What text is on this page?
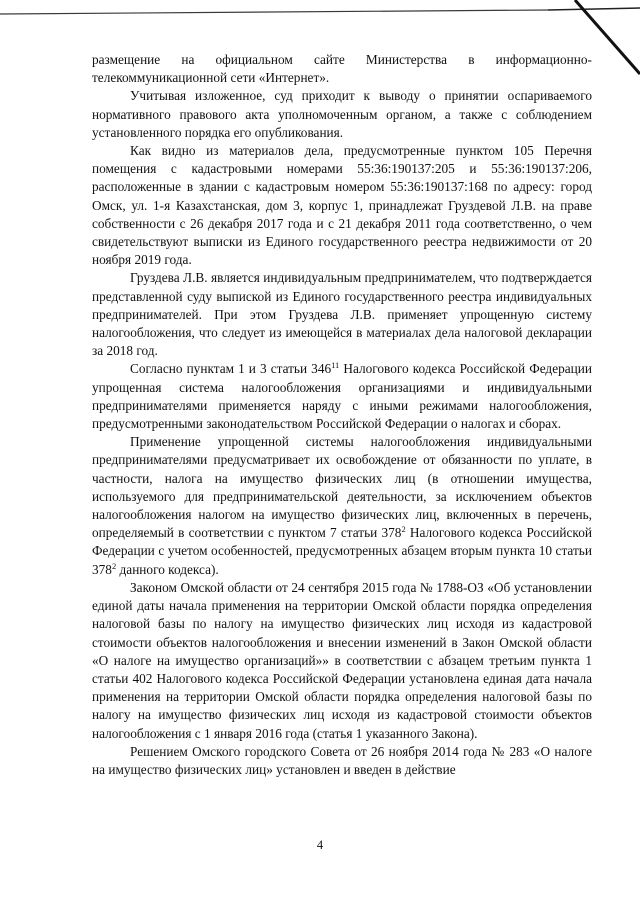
размещение на официальном сайте Министерства в информационно-телекоммуникационной сети «Интернет».

Учитывая изложенное, суд приходит к выводу о принятии оспариваемого нормативного правового акта уполномоченным органом, а также с соблюдением установленного порядка его опубликования.

Как видно из материалов дела, предусмотренные пунктом 105 Перечня помещения с кадастровыми номерами 55:36:190137:205 и 55:36:190137:206, расположенные в здании с кадастровым номером 55:36:190137:168 по адресу: город Омск, ул. 1-я Казахстанская, дом 3, корпус 1, принадлежат Груздевой Л.В. на праве собственности с 26 декабря 2017 года и с 21 декабря 2011 года соответственно, о чем свидетельствуют выписки из Единого государственного реестра недвижимости от 20 ноября 2019 года.

Груздева Л.В. является индивидуальным предпринимателем, что подтверждается представленной суду выпиской из Единого государственного реестра индивидуальных предпринимателей. При этом Груздева Л.В. применяет упрощенную систему налогообложения, что следует из имеющейся в материалах дела налоговой декларации за 2018 год.

Согласно пунктам 1 и 3 статьи $346^{11}$ Налогового кодекса Российской Федерации упрощенная система налогообложения организациями и индивидуальными предпринимателями применяется наряду с иными режимами налогообложения, предусмотренными законодательством Российской Федерации о налогах и сборах.

Применение упрощенной системы налогообложения индивидуальными предпринимателями предусматривает их освобождение от обязанности по уплате, в частности, налога на имущество физических лиц (в отношении имущества, используемого для предпринимательской деятельности, за исключением объектов налогообложения налогом на имущество физических лиц, включенных в перечень, определяемый в соответствии с пунктом 7 статьи $378^2$ Налогового кодекса Российской Федерации с учетом особенностей, предусмотренных абзацем вторым пункта 10 статьи $378^2$ данного кодекса).

Законом Омской области от 24 сентября 2015 года № 1788-ОЗ «Об установлении единой даты начала применения на территории Омской области порядка определения налоговой базы по налогу на имущество физических лиц исходя из кадастровой стоимости объектов налогообложения и внесении изменений в Закон Омской области «О налоге на имущество организаций»» в соответствии с абзацем третьим пункта 1 статьи 402 Налогового кодекса Российской Федерации установлена единая дата начала применения на территории Омской области порядка определения налоговой базы по налогу на имущество физических лиц исходя из кадастровой стоимости объектов налогообложения с 1 января 2016 года (статья 1 указанного Закона).

Решением Омского городского Совета от 26 ноября 2014 года № 283 «О налоге на имущество физических лиц» установлен и введен в действие

4
